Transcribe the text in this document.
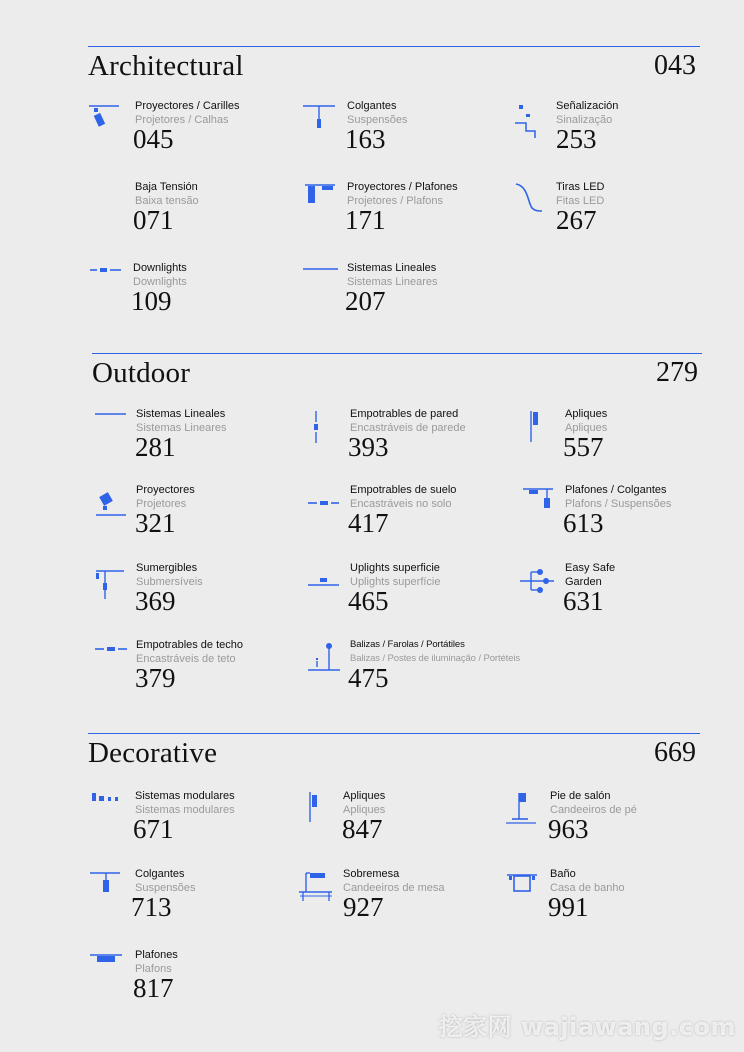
Architectural	043
Proyectores / Carilles
Projetores / Calhas
045
Colgantes
Suspensões
163
Señalización
Sinalização
253
Baja Tensión
Baixa tensão
071
Proyectores / Plafones
Projetores / Plafons
171
Tiras LED
Fitas LED
267
Downlights
Downlights
109
Sistemas Lineales
Sistemas Lineares
207
Outdoor	279
Sistemas Lineales
Sistemas Lineares
281
Empotrables de pared
Encastráveis de parede
393
Apliques
Apliques
557
Proyectores
Projetores
321
Empotrables de suelo
Encastráveis no solo
417
Plafones / Colgantes
Plafons / Suspensões
613
Sumergibles
Submersíveis
369
Uplights superficie
Uplights superfície
465
Easy Safe
Garden
631
Empotrables de techo
Encastráveis de teto
379
Balizas / Farolas / Portátiles
Balizas / Postes de iluminação / Portéteis
475
Decorative	669
Sistemas modulares
Sistemas modulares
671
Apliques
Apliques
847
Pie de salón
Candeeiros de pé
963
Colgantes
Suspensões
713
Sobremesa
Candeeiros de mesa
927
Baño
Casa de banho
991
Plafones
Plafons
817
挖家网 wajiawang.com
